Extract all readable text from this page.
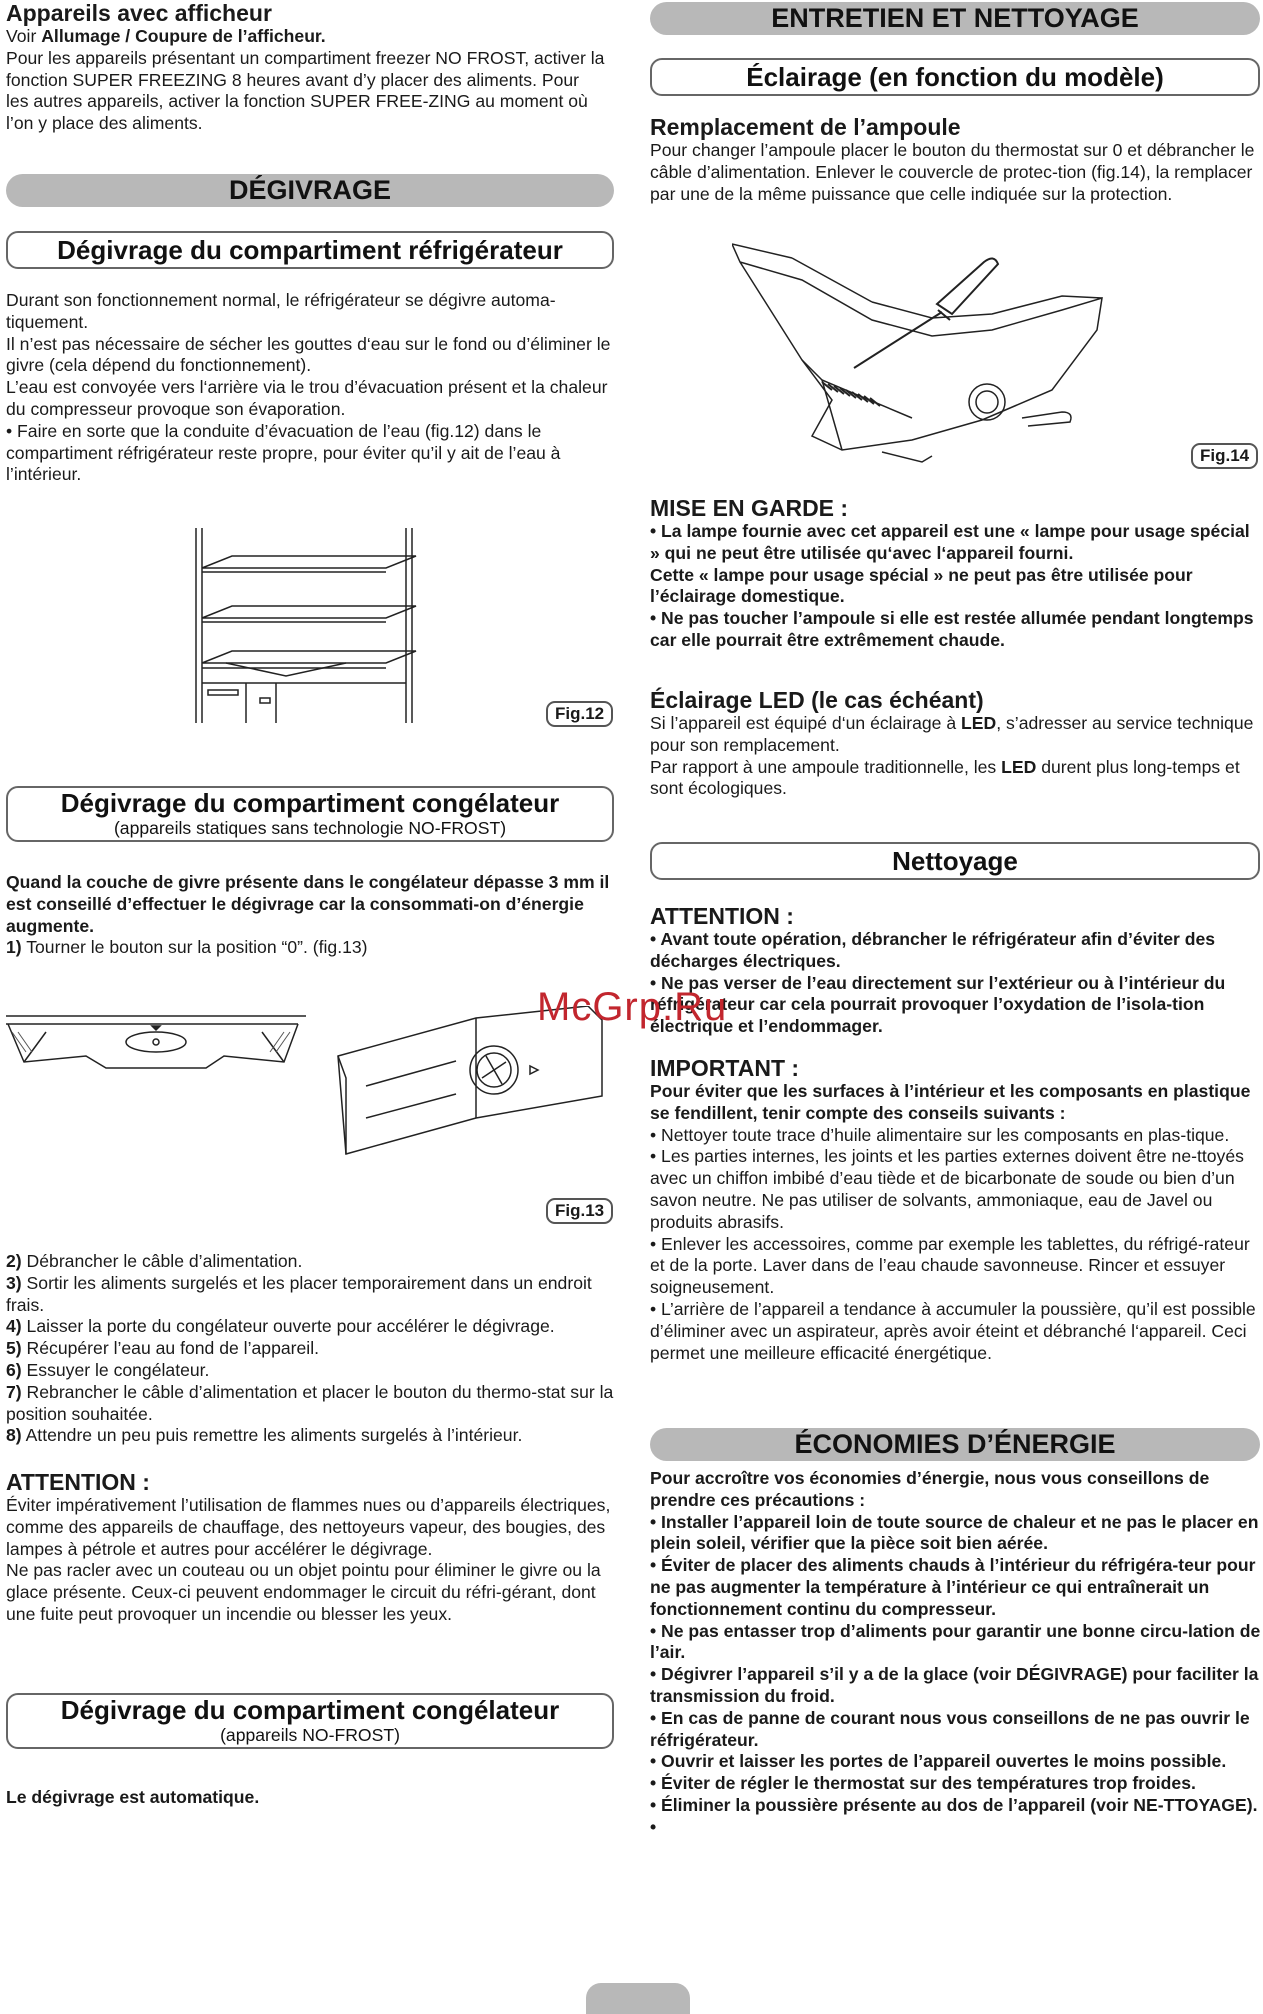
Appareils avec afficheur

Voir Allumage / Coupure de l’afficheur.

Pour les appareils présentant un compartiment freezer NO FROST, activer la fonction SUPER FREEZING 8 heures avant d’y placer des aliments. Pour les autres appareils, activer la fonction SUPER FREE-ZING au moment où l’on y place des aliments.

DÉGIVRAGE
Dégivrage du compartiment réfrigérateur

Durant son fonctionnement normal, le réfrigérateur se dégivre automa-tiquement.

Il n’est pas nécessaire de sécher les gouttes d‘eau sur le fond ou d’éliminer le givre (cela dépend du fonctionnement).

L’eau est convoyée vers l‘arrière via le trou d’évacuation présent et la chaleur du compresseur provoque son évaporation.

• Faire en sorte que la conduite d’évacuation de l’eau (fig.12) dans le compartiment réfrigérateur reste propre, pour éviter qu’il y ait de l’eau à l’intérieur.

Fig.12
Dégivrage du compartiment congélateur
(appareils statiques sans technologie NO-FROST)

Quand la couche de givre présente dans le congélateur dépasse 3 mm il est conseillé d’effectuer le dégivrage car la consommati-on d’énergie augmente.

1) Tourner le bouton sur la position “0”. (fig.13)

Fig.13

2) Débrancher le câble d’alimentation.

3) Sortir les aliments surgelés et les placer temporairement dans un endroit frais.

4) Laisser la porte du congélateur ouverte pour accélérer le dégivrage.

5) Récupérer l’eau au fond de l’appareil.

6) Essuyer le congélateur.

7) Rebrancher le câble d’alimentation et placer le bouton du thermo-stat sur la position souhaitée.

8) Attendre un peu puis remettre les aliments surgelés à l’intérieur.

ATTENTION :

Éviter impérativement l’utilisation de flammes nues ou d’appareils électriques, comme des appareils de chauffage, des nettoyeurs vapeur, des bougies, des lampes à pétrole et autres pour accélérer le dégivrage.

Ne pas racler avec un couteau ou un objet pointu pour éliminer le givre ou la glace présente. Ceux-ci peuvent endommager le circuit du réfri-gérant, dont une fuite peut provoquer un incendie ou blesser les yeux.

Dégivrage du compartiment congélateur
(appareils NO-FROST)

Le dégivrage est automatique.

ENTRETIEN ET NETTOYAGE
Éclairage (en fonction du modèle)

Remplacement de l’ampoule

Pour changer l’ampoule placer le bouton du thermostat sur 0 et débrancher le câble d’alimentation. Enlever le couvercle de protec-tion (fig.14), la remplacer par une de la même puissance que celle indiquée sur la protection.

Fig.14

MISE EN GARDE :

• La lampe fournie avec cet appareil est une « lampe pour usage spécial » qui ne peut être utilisée qu‘avec l‘appareil fourni.

Cette « lampe pour usage spécial » ne peut pas être utilisée pour l’éclairage domestique.

• Ne pas toucher l’ampoule si elle est restée allumée pendant longtemps car elle pourrait être extrêmement chaude.

Éclairage LED (le cas échéant)

Si l’appareil est équipé d‘un éclairage à LED, s’adresser au service technique pour son remplacement.

Par rapport à une ampoule traditionnelle, les LED durent plus long-temps et sont écologiques.

Nettoyage

ATTENTION :

• Avant toute opération, débrancher le réfrigérateur afin d’éviter des décharges électriques.

• Ne pas verser de l’eau directement sur l’extérieur ou à l’intérieur du réfrigérateur car cela pourrait provoquer l’oxydation de l’isola-tion électrique et l’endommager.

IMPORTANT :

Pour éviter que les surfaces à l’intérieur et les composants en plastique se fendillent, tenir compte des conseils suivants :

• Nettoyer toute trace d’huile alimentaire sur les composants en plas-tique.

• Les parties internes, les joints et les parties externes doivent être ne-ttoyés avec un chiffon imbibé d’eau tiède et de bicarbonate de soude ou bien d’un savon neutre. Ne pas utiliser de solvants, ammoniaque, eau de Javel ou produits abrasifs.

• Enlever les accessoires, comme par exemple les tablettes, du réfrigé-rateur et de la porte. Laver dans de l’eau chaude savonneuse. Rincer et essuyer soigneusement.

• L’arrière de l’appareil a tendance à accumuler la poussière, qu’il est possible d’éliminer avec un aspirateur, après avoir éteint et débranché l‘appareil. Ceci permet une meilleure efficacité énergétique.

ÉCONOMIES D’ÉNERGIE

Pour accroître vos économies d’énergie, nous vous conseillons de prendre ces précautions :

• Installer l’appareil loin de toute source de chaleur et ne pas le placer en plein soleil, vérifier que la pièce soit bien aérée.

• Éviter de placer des aliments chauds à l’intérieur du réfrigéra-teur pour ne pas augmenter la température à l’intérieur ce qui entraînerait un fonctionnement continu du compresseur.

• Ne pas entasser trop d’aliments pour garantir une bonne circu-lation de l’air.

• Dégivrer l’appareil s’il y a de la glace (voir DÉGIVRAGE) pour faciliter la transmission du froid.

• En cas de panne de courant nous vous conseillons de ne pas ouvrir le réfrigérateur.

• Ouvrir et laisser les portes de l’appareil ouvertes le moins possible.

• Éviter de régler le thermostat sur des températures trop froides.

• Éliminer la poussière présente au dos de l’appareil (voir NE-TTOYAGE).

•

McGrp.Ru
